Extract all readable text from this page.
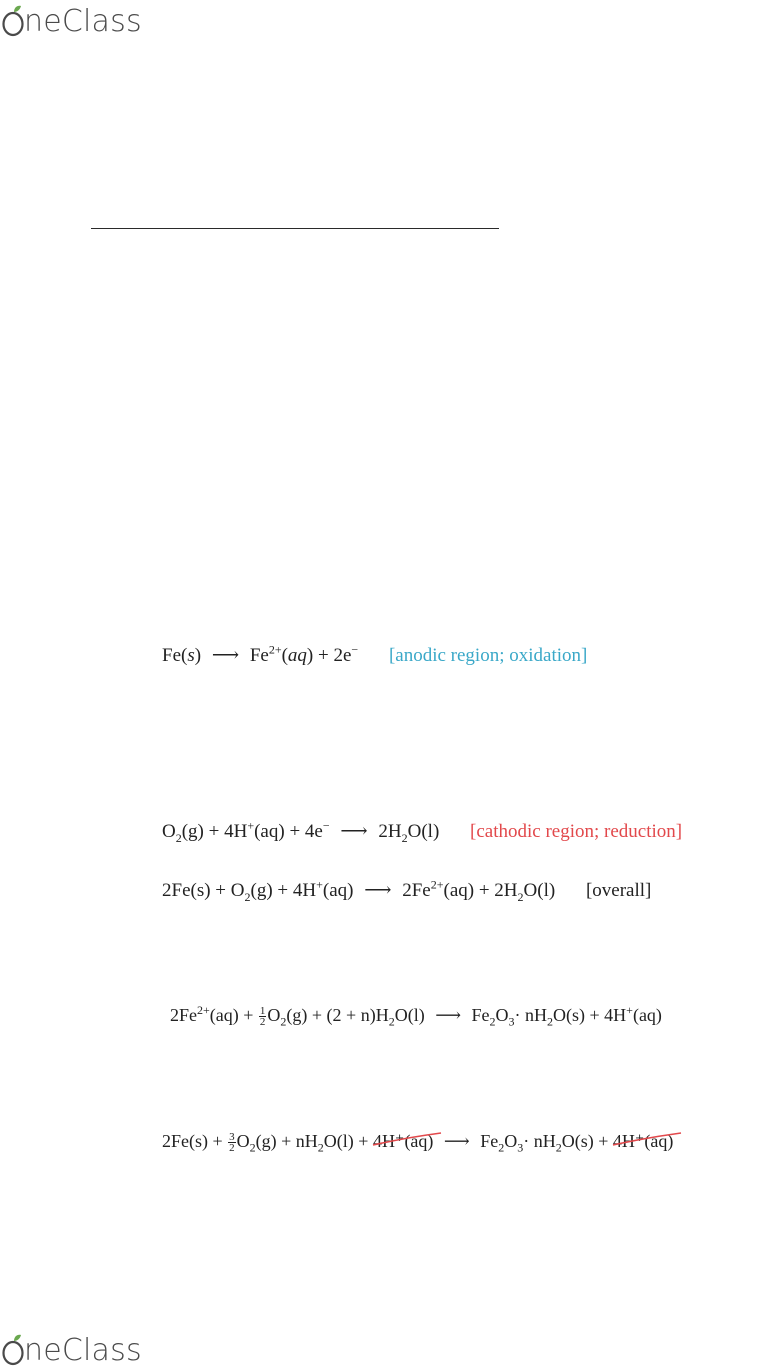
neClass
Fe(s) ⟶ $Fe^{2+}(aq) + 2e^-$ [anodic region; oxidation]
$O_2(g) + 4H^+(aq) + 4e^-$ ⟶ $2H_2O(l)$ [cathodic region; reduction]
$2Fe(s) + O_2(g) + 4H^+(aq)$ ⟶ $2Fe^{2+}(aq) + 2H_2O(l)$ [overall]
$2Fe^{2+}(aq) + \frac{1}{2} O_2(g) + (2 + n)H_2O(l)$ ⟶ $Fe_2O_3\cdot nH_2O(s) + 4H^+(aq)$
$2Fe(s) + \frac{3}{2} O_2(g) + nH_2O(l) + 4H^+(aq)$ ⟶ $Fe_2O_3\cdot nH_2O(s) + 4H^+(aq)$
neClass
